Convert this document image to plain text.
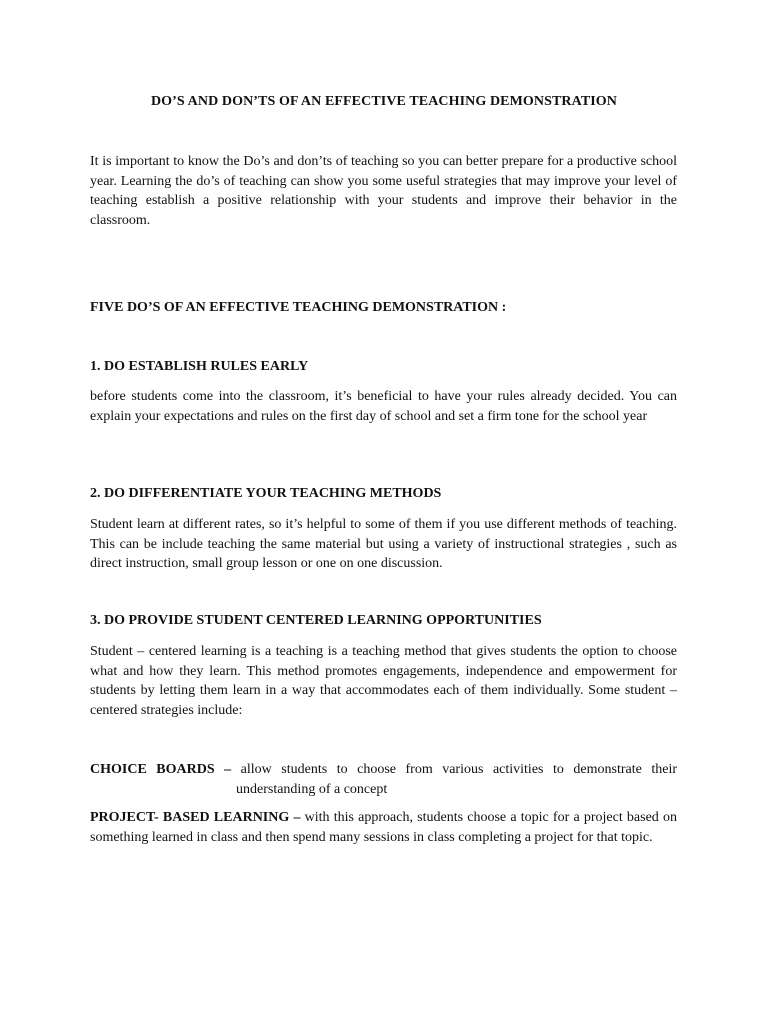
DO’S AND DON’TS OF AN EFFECTIVE TEACHING DEMONSTRATION

It is important to know the Do’s and don’ts of teaching so you can better prepare for a productive school year. Learning the do’s of teaching can show you some useful strategies that may improve your level of teaching establish a positive relationship with your students and improve their behavior in the classroom.

FIVE DO’S OF AN EFFECTIVE TEACHING DEMONSTRATION :
1. DO ESTABLISH RULES EARLY

before students come into the classroom, it’s beneficial to have your rules already decided. You can explain your expectations and rules on the first day of school and set a firm tone for the school year

2. DO DIFFERENTIATE YOUR TEACHING METHODS

Student learn at different rates, so it’s helpful to some of them if you use different methods of teaching. This can be include teaching the same material but using a variety of instructional strategies , such as direct instruction, small group lesson or one on one discussion.

3. DO PROVIDE STUDENT CENTERED LEARNING OPPORTUNITIES

Student – centered learning is a teaching is a teaching method that gives students the option to choose what and how they learn. This method promotes engagements, independence and empowerment for students by letting them learn in a way that accommodates each of them individually. Some student – centered strategies include:

CHOICE BOARDS – allow students to choose from various activities to demonstrate their
understanding of a concept
PROJECT- BASED LEARNING – with this approach, students choose a topic for a project based on something learned in class and then spend many sessions in class completing a project for that topic.
